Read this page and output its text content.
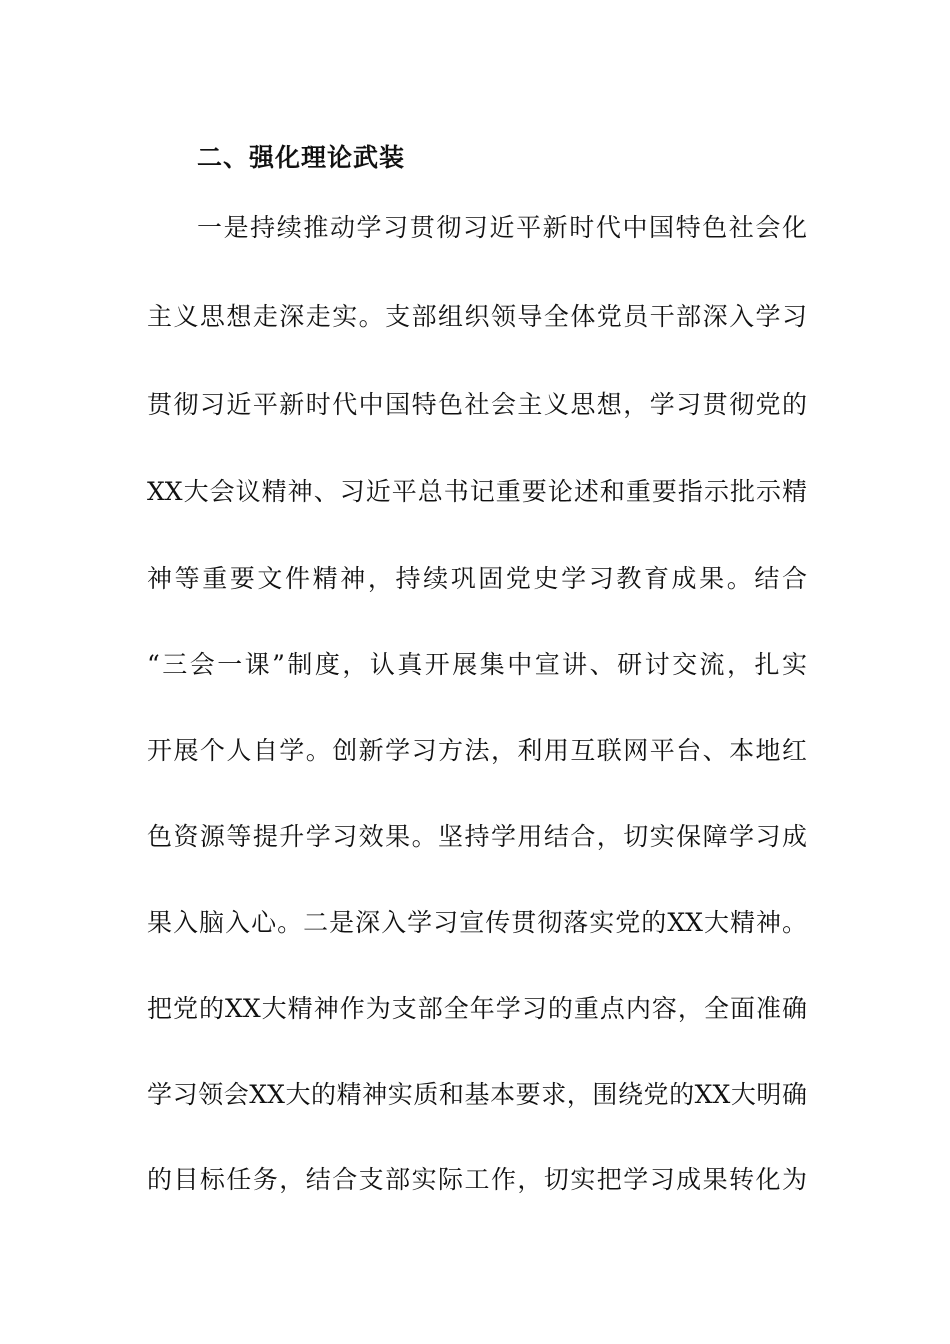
二、强化理论武装
一是持续推动学习贯彻习近平新时代中国特色社会化
主义思想走深走实。支部组织领导全体党员干部深入学习
贯彻习近平新时代中国特色社会主义思想，学习贯彻党的
XX大会议精神、习近平总书记重要论述和重要指示批示精
神等重要文件精神，持续巩固党史学习教育成果。结合
“三会一课”制度，认真开展集中宣讲、研讨交流，扎实
开展个人自学。创新学习方法，利用互联网平台、本地红
色资源等提升学习效果。坚持学用结合，切实保障学习成
果入脑入心。二是深入学习宣传贯彻落实党的XX大精神。
把党的XX大精神作为支部全年学习的重点内容，全面准确
学习领会XX大的精神实质和基本要求，围绕党的XX大明确
的目标任务，结合支部实际工作，切实把学习成果转化为
